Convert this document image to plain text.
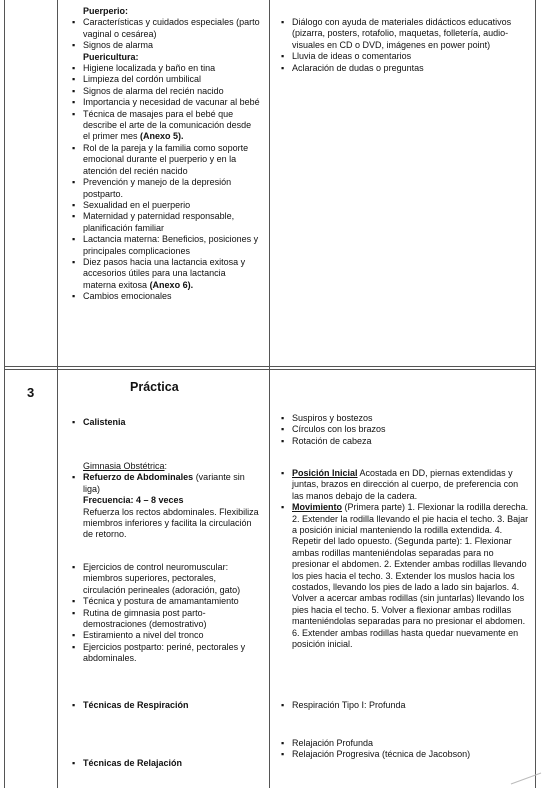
Puerperio:
▪ Características y cuidados especiales (parto vaginal o cesárea)
▪ Signos de alarma
Puericultura:
▪ Higiene localizada y baño en tina
▪ Limpieza del cordón umbilical
▪ Signos de alarma del recién nacido
▪ Importancia y necesidad de vacunar al bebé
▪ Técnica de masajes para el bebé que describe el arte de la comunicación desde el primer mes (Anexo 5).
▪ Rol de la pareja y la familia como soporte emocional durante el puerperio y en la atención del recién nacido
▪ Prevención y manejo de la depresión postparto.
▪ Sexualidad en el puerperio
▪ Maternidad y paternidad responsable, planificación familiar
▪ Lactancia materna: Beneficios, posiciones y principales complicaciones
▪ Diez pasos hacia una lactancia exitosa y accesorios útiles para una lactancia materna exitosa (Anexo 6).
▪ Cambios emocionales
▪ Diálogo con ayuda de materiales didácticos educativos (pizarra, posters, rotafolio, maquetas, folletería, audio-visuales en CD o DVD, imágenes en power point)
▪ Lluvia de ideas o comentarios
▪ Aclaración de dudas o preguntas
3	Práctica
▪ Calistenia
Gimnasia Obstétrica:
▪ Refuerzo de Abdominales (variante sin liga)
Frecuencia: 4 – 8 veces
Refuerza los rectos abdominales. Flexibiliza miembros inferiores y facilita la circulación de retorno.
▪ Ejercicios de control neuromuscular: miembros superiores, pectorales, circulación perineales (adoración, gato)
▪ Técnica y postura de amamantamiento
▪ Rutina de gimnasia post parto-demostraciones (demostrativo)
▪ Estiramiento a nivel del tronco
▪ Ejercicios postparto: periné, pectorales y abdominales.
▪ Técnicas de Respiración
▪ Técnicas de Relajación
▪ Suspiros y bostezos
▪ Círculos con los brazos
▪ Rotación de cabeza
▪ Posición Inicial Acostada en DD, piernas extendidas y juntas, brazos en dirección al cuerpo, de preferencia con las manos debajo de la cadera.
▪ Movimiento (Primera parte) 1. Flexionar la rodilla derecha. 2. Extender la rodilla llevando el pie hacia el techo. 3. Bajar a posición inicial manteniendo la rodilla extendida. 4. Repetir del lado opuesto. (Segunda parte): 1. Flexionar ambas rodillas manteniéndolas separadas para no presionar el abdomen. 2. Extender ambas rodillas llevando los pies hacia el techo. 3. Extender los muslos hacia los costados, llevando los pies de lado a lado sin bajarlos. 4. Volver a acercar ambas rodillas (sin juntarlas) llevando los pies hacia el techo. 5. Volver a flexionar ambas rodillas manteniéndolas separadas para no presionar el abdomen. 6. Extender ambas rodillas hasta quedar nuevamente en posición inicial.
▪ Respiración Tipo I: Profunda
▪ Relajación Profunda
▪ Relajación Progresiva (técnica de Jacobson)
